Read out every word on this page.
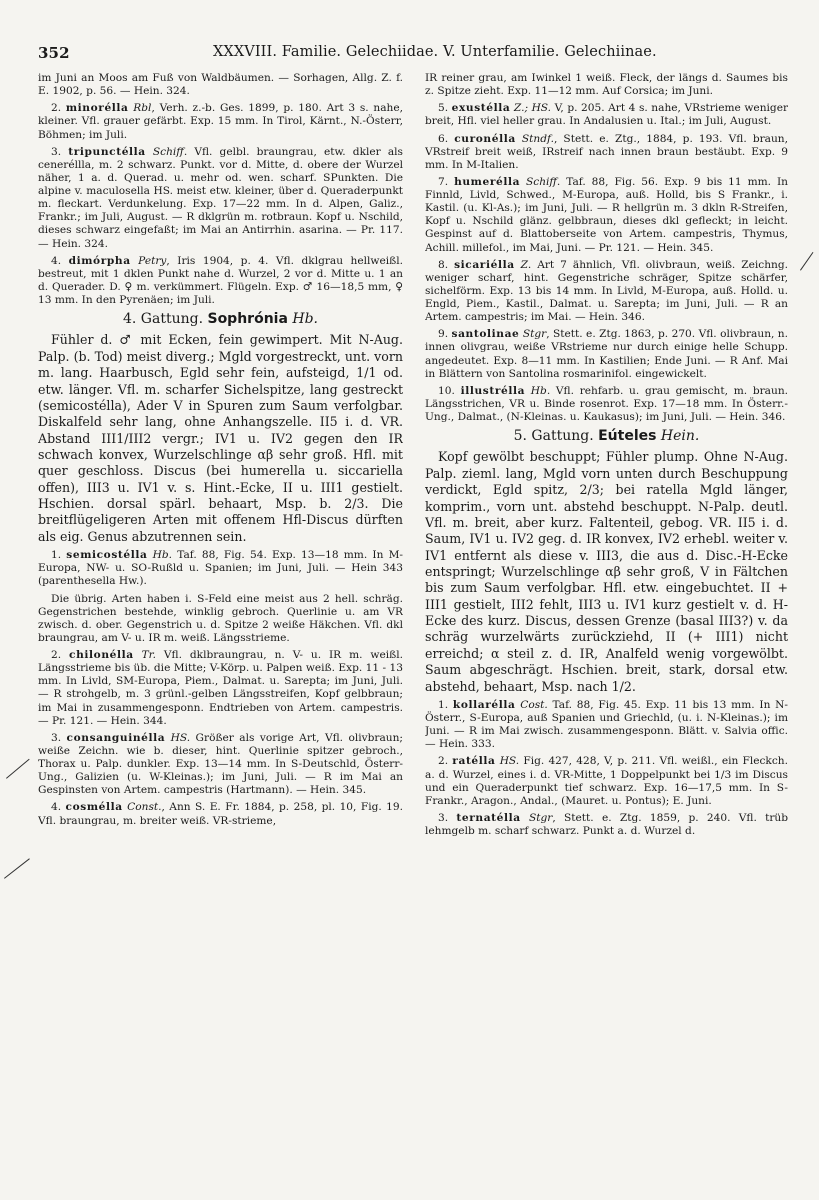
352	XXXVIII. Familie. Gelechiidae. V. Unterfamilie. Gelechiinae.

im Juni an Moos am Fuß von Waldbäumen. — Sorhagen, Allg. Z. f. E. 1902, p. 56. — Hein. 324.

2. minorélla Rbl, Verh. z.-b. Ges. 1899, p. 180. Art 3 s. nahe, kleiner. Vfl. grauer gefärbt. Exp. 15 mm. In Tirol, Kärnt., N.-Österr, Böhmen; im Juli.

3. tripunctélla Schiff. Vfl. gelbl. braungrau, etw. dkler als ceneréllla, m. 2 schwarz. Punkt. vor d. Mitte, d. obere der Wurzel näher, 1 a. d. Querad. u. mehr od. wen. scharf. SPunkten. Die alpine v. maculosella HS. meist etw. kleiner, über d. Queraderpunkt m. fleckart. Verdunkelung. Exp. 17—22 mm. In d. Alpen, Galiz., Frankr.; im Juli, August. — R dklgrün m. rotbraun. Kopf u. Nschild, dieses schwarz eingefaßt; im Mai an Antirrhin. asarina. — Pr. 117. — Hein. 324.

4. dimórpha Petry, Iris 1904, p. 4. Vfl. dklgrau hellweißl. bestreut, mit 1 dklen Punkt nahe d. Wurzel, 2 vor d. Mitte u. 1 an d. Querader. D. ♀ m. verkümmert. Flügeln. Exp. ♂ 16—18,5 mm, ♀ 13 mm. In den Pyrenäen; im Juli.

4. Gattung. Sophrónia Hb.

Fühler d. ♂ mit Ecken, fein gewimpert. Mit N-Aug. Palp. (b. Tod) meist diverg.; Mgld vorgestreckt, unt. vorn m. lang. Haarbusch, Egld sehr fein, aufsteigd, 1/1 od. etw. länger. Vfl. m. scharfer Sichelspitze, lang gestreckt (semicostélla), Ader V in Spuren zum Saum verfolgbar. Diskalfeld sehr lang, ohne Anhangszelle. II5 i. d. VR. Abstand III1/III2 vergr.; IV1 u. IV2 gegen den IR schwach konvex, Wurzelschlinge αβ sehr groß. Hfl. mit quer geschloss. Discus (bei humerella u. siccariella offen), III3 u. IV1 v. s. Hint.-Ecke, II u. III1 gestielt. Hschien. dorsal spärl. behaart, Msp. b. 2/3. Die breitflügeligeren Arten mit offenem Hfl-Discus dürften als eig. Genus abzutrennen sein.

1. semicostélla Hb. Taf. 88, Fig. 54. Exp. 13—18 mm. In M-Europa, NW- u. SO-Rußld u. Spanien; im Juni, Juli. — Hein 343 (parenthesella Hw.).

Die übrig. Arten haben i. S-Feld eine meist aus 2 hell. schräg. Gegenstrichen bestehde, winklig gebroch. Querlinie u. am VR zwisch. d. ober. Gegenstrich u. d. Spitze 2 weiße Häkchen. Vfl. dkl braungrau, am V- u. IR m. weiß. Längsstrieme.

2. chilonélla Tr. Vfl. dklbraungrau, n. V- u. IR m. weißl. Längsstrieme bis üb. die Mitte; V-Körp. u. Palpen weiß. Exp. 11 - 13 mm. In Livld, SM-Europa, Piem., Dalmat. u. Sarepta; im Juni, Juli. — R strohgelb, m. 3 grünl.-gelben Längsstreifen, Kopf gelbbraun; im Mai in zusammengesponn. Endtrieben von Artem. campestris. — Pr. 121. — Hein. 344.

3. consanguinélla HS. Größer als vorige Art, Vfl. olivbraun; weiße Zeichn. wie b. dieser, hint. Querlinie spitzer gebroch., Thorax u. Palp. dunkler. Exp. 13—14 mm. In S-Deutschld, Österr-Ung., Galizien (u. W-Kleinas.); im Juni, Juli. — R im Mai an Gespinsten von Artem. campestris (Hartmann). — Hein. 345.

4. cosmélla Const., Ann S. E. Fr. 1884, p. 258, pl. 10, Fig. 19. Vfl. braungrau, m. breiter weiß. VR-strieme,

IR reiner grau, am Iwinkel 1 weiß. Fleck, der längs d. Saumes bis z. Spitze zieht. Exp. 11—12 mm. Auf Corsica; im Juni.

5. exustélla Z.; HS. V, p. 205. Art 4 s. nahe, VRstrieme weniger breit, Hfl. viel heller grau. In Andalusien u. Ital.; im Juli, August.

6. curonélla Stndf., Stett. e. Ztg., 1884, p. 193. Vfl. braun, VRstreif breit weiß, IRstreif nach innen braun bestäubt. Exp. 9 mm. In M-Italien.

7. humerélla Schiff. Taf. 88, Fig. 56. Exp. 9 bis 11 mm. In Finnld, Livld, Schwed., M-Europa, auß. Holld, bis S Frankr., i. Kastil. (u. Kl-As.); im Juni, Juli. — R hellgrün m. 3 dkln R-Streifen, Kopf u. Nschild glänz. gelbbraun, dieses dkl gefleckt; in leicht. Gespinst auf d. Blattoberseite von Artem. campestris, Thymus, Achill. millefol., im Mai, Juni. — Pr. 121. — Hein. 345.

8. sicariélla Z. Art 7 ähnlich, Vfl. olivbraun, weiß. Zeichng. weniger scharf, hint. Gegenstriche schräger, Spitze schärfer, sichelförm. Exp. 13 bis 14 mm. In Livld, M-Europa, auß. Holld. u. Engld, Piem., Kastil., Dalmat. u. Sarepta; im Juni, Juli. — R an Artem. campestris; im Mai. — Hein. 346.

9. santolinae Stgr, Stett. e. Ztg. 1863, p. 270. Vfl. olivbraun, n. innen olivgrau, weiße VRstrieme nur durch einige helle Schupp. angedeutet. Exp. 8—11 mm. In Kastilien; Ende Juni. — R Anf. Mai in Blättern von Santolina rosmarinifol. eingewickelt.

10. illustrélla Hb. Vfl. rehfarb. u. grau gemischt, m. braun. Längsstrichen, VR u. Binde rosenrot. Exp. 17—18 mm. In Österr.-Ung., Dalmat., (N-Kleinas. u. Kaukasus); im Juni, Juli. — Hein. 346.

5. Gattung. Eúteles Hein.

Kopf gewölbt beschuppt; Fühler plump. Ohne N-Aug. Palp. zieml. lang, Mgld vorn unten durch Beschuppung verdickt, Egld spitz, 2/3; bei ratella Mgld länger, komprim., vorn unt. abstehd beschuppt. N-Palp. deutl. Vfl. m. breit, aber kurz. Faltenteil, gebog. VR. II5 i. d. Saum, IV1 u. IV2 geg. d. IR konvex, IV2 erhebl. weiter v. IV1 entfernt als diese v. III3, die aus d. Disc.-H-Ecke entspringt; Wurzelschlinge αβ sehr groß, V in Fältchen bis zum Saum verfolgbar. Hfl. etw. eingebuchtet. II + III1 gestielt, III2 fehlt, III3 u. IV1 kurz gestielt v. d. H-Ecke des kurz. Discus, dessen Grenze (basal III3?) v. da schräg wurzelwärts zurückziehd, II (+ III1) nicht erreichd; α steil z. d. IR, Analfeld wenig vorgewölbt. Saum abgeschrägt. Hschien. breit, stark, dorsal etw. abstehd, behaart, Msp. nach 1/2.

1. kollarélla Cost. Taf. 88, Fig. 45. Exp. 11 bis 13 mm. In N-Österr., S-Europa, auß Spanien und Griechld, (u. i. N-Kleinas.); im Juni. — R im Mai zwisch. zusammengesponn. Blätt. v. Salvia offic. — Hein. 333.

2. ratélla HS. Fig. 427, 428, V, p. 211. Vfl. weißl., ein Fleckch. a. d. Wurzel, eines i. d. VR-Mitte, 1 Doppelpunkt bei 1/3 im Discus und ein Queraderpunkt tief schwarz. Exp. 16—17,5 mm. In S-Frankr., Aragon., Andal., (Mauret. u. Pontus); E. Juni.

3. ternatélla Stgr, Stett. e. Ztg. 1859, p. 240. Vfl. trüb lehmgelb m. scharf schwarz. Punkt a. d. Wurzel d.
